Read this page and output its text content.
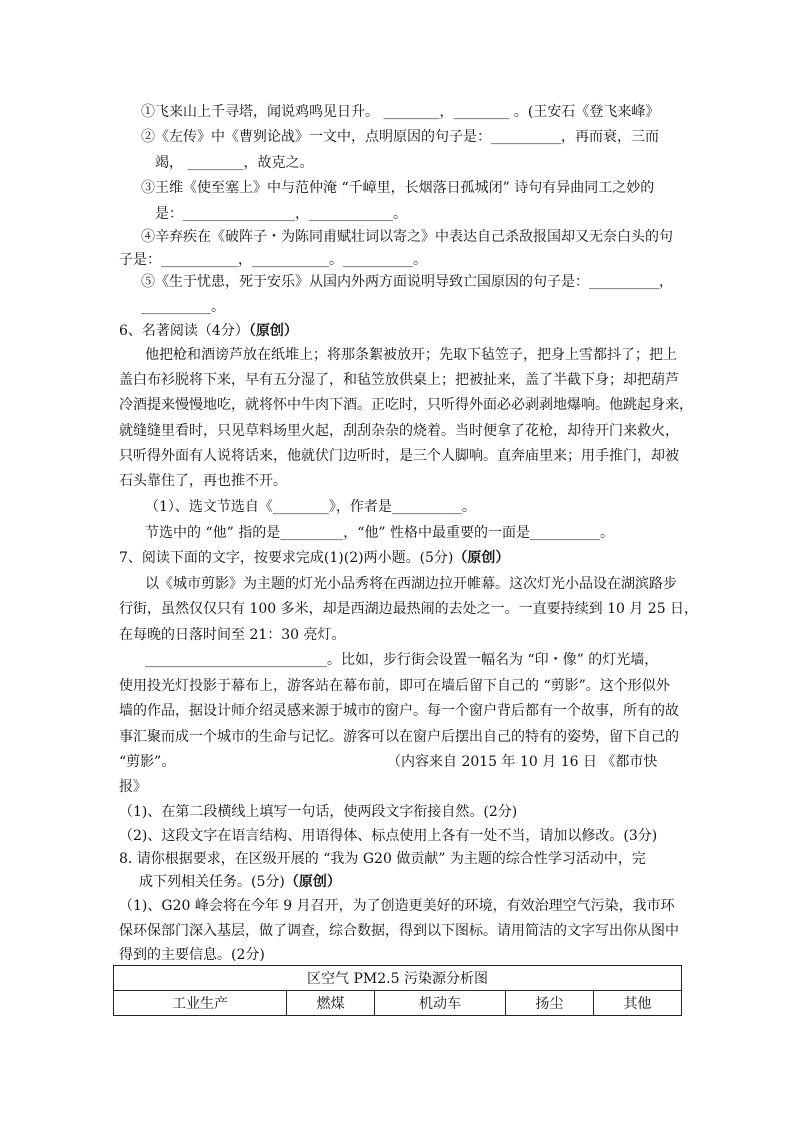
①飞来山上千寻塔，闻说鸡鸣见日升。 ________，________ 。(王安石《登飞来峰》
②《左传》中《曹刿论战》一文中，点明原因的句子是：__________，再而衰，三而
竭， ________，故克之。
③王维《使至塞上》中与范仲淹 “千嶂里，长烟落日孤城闭” 诗句有异曲同工之妙的
是：________________，____________。
④辛弃疾在《破阵子・为陈同甫赋壮词以寄之》中表达自己杀敌报国却又无奈白头的句
子是：___________，___________。__________。
⑤《生于忧患，死于安乐》从国内外两方面说明导致亡国原因的句子是：__________，
__________。
6、名著阅读（4分）（原创）
他把枪和酒谤芦放在纸堆上；将那条絮被放开；先取下毡笠子，把身上雪都抖了；把上
盖白布衫脱将下来，早有五分湿了，和毡笠放供桌上；把被扯来，盖了半截下身；却把葫芦
冷酒提来慢慢地吃，就将怀中牛肉下酒。正吃时，只听得外面必必剥剥地爆响。他跳起身来，
就缝缝里看时，只见草料场里火起，刮刮杂杂的烧着。当时便拿了花枪，却待开门来救火，
只听得外面有人说将话来，他就伏门边听时，是三个人脚响。直奔庙里来；用手推门，却被
石头靠住了，再也推不开。
（1）、选文节选自《________》，作者是__________。
节选中的 “他” 指的是_________，“他” 性格中最重要的一面是__________。
7、阅读下面的文字，按要求完成(1)(2)两小题。(5分)（原创）
以《城市剪影》为主题的灯光小品秀将在西湖边拉开帷幕。这次灯光小品设在湖滨路步
行街，虽然仅仅只有 100 多米，却是西湖边最热闹的去处之一。一直要持续到 10 月 25 日，
在每晚的日落时间至 21：30 亮灯。
__________________________。比如，步行街会设置一幅名为 “印・像” 的灯光墙，
使用投光灯投影于幕布上，游客站在幕布前，即可在墙后留下自己的 “剪影”。这个形似外
墙的作品，据设计师介绍灵感来源于城市的窗户。每一个窗户背后都有一个故事，所有的故
事汇聚而成一个城市的生命与记忆。游客可以在窗户后摆出自己的特有的姿势，留下自己的
“剪影”。	（内容来自 2015 年 10 月 16 日 《都市快
报》
（1)、在第二段横线上填写一句话，使两段文字衔接自然。(2分)
（2)、这段文字在语言结构、用语得体、标点使用上各有一处不当，请加以修改。(3分)
8. 请你根据要求，在区级开展的 “我为 G20 做贡献” 为主题的综合性学习活动中，完
成下列相关任务。(5分)（原创）
（1)、G20 峰会将在今年 9 月召开，为了创造更美好的环境，有效治理空气污染，我市环
保环保部门深入基层，做了调查，综合数据，得到以下图标。请用简洁的文字写出你从图中
得到的主要信息。(2分)
区空气 PM2.5 污染源分析图
工业生产	燃煤	机动车	扬尘	其他
